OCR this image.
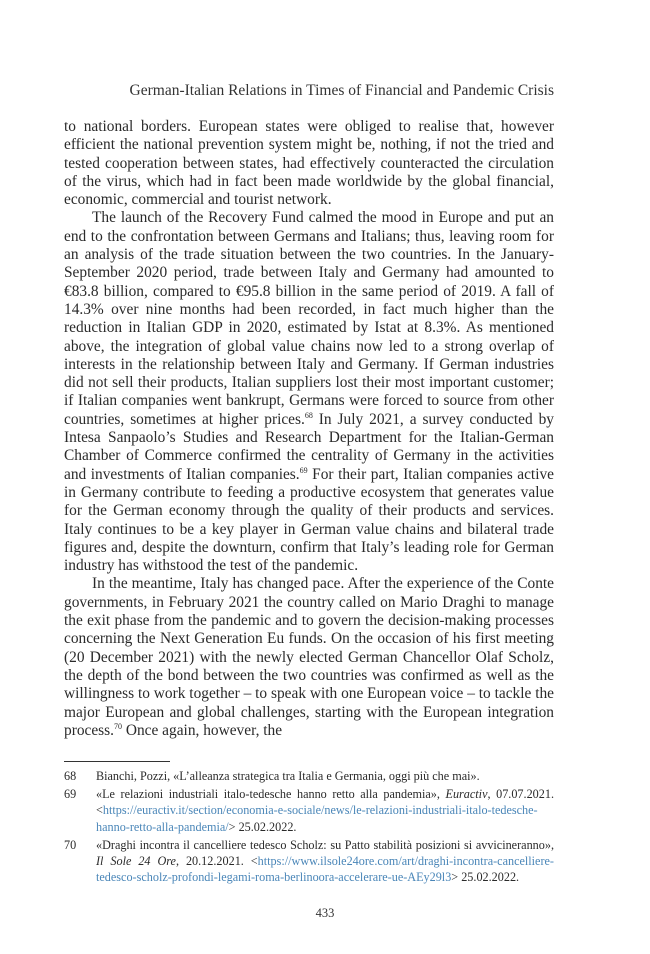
German-Italian Relations in Times of Financial and Pandemic Crisis

to national borders. European states were obliged to realise that, however efficient the national prevention system might be, nothing, if not the tried and tested cooperation between states, had effectively counteracted the circulation of the virus, which had in fact been made worldwide by the global financial, economic, commercial and tourist network.

The launch of the Recovery Fund calmed the mood in Europe and put an end to the confrontation between Germans and Italians; thus, leaving room for an analysis of the trade situation between the two countries. In the January-September 2020 period, trade between Italy and Germany had amounted to €83.8 billion, compared to €95.8 billion in the same period of 2019. A fall of 14.3% over nine months had been recorded, in fact much higher than the reduction in Italian GDP in 2020, estimated by Istat at 8.3%. As mentioned above, the integration of global value chains now led to a strong overlap of interests in the relationship between Italy and Germany. If German industries did not sell their products, Italian suppliers lost their most important customer; if Italian companies went bankrupt, Germans were forced to source from other countries, sometimes at higher prices.$^{68}$ In July 2021, a survey conducted by Intesa Sanpaolo’s Studies and Research Department for the Italian-German Chamber of Commerce confirmed the centrality of Germany in the activities and investments of Italian companies.$^{69}$ For their part, Italian companies active in Germany contribute to feeding a productive ecosystem that generates value for the German economy through the quality of their products and services. Italy continues to be a key player in German value chains and bilateral trade figures and, despite the downturn, confirm that Italy’s leading role for German industry has withstood the test of the pandemic.

In the meantime, Italy has changed pace. After the experience of the Conte governments, in February 2021 the country called on Mario Draghi to manage the exit phase from the pandemic and to govern the decision-making processes concerning the Next Generation Eu funds. On the occasion of his first meeting (20 December 2021) with the newly elected German Chancellor Olaf Scholz, the depth of the bond between the two countries was confirmed as well as the willingness to work together – to speak with one European voice – to tackle the major European and global challenges, starting with the European integration process.$^{70}$ Once again, however, the

68	Bianchi, Pozzi, «L’alleanza strategica tra Italia e Germania, oggi più che mai».
69	«Le relazioni industriali italo-tedesche hanno retto alla pandemia», Euractiv, 07.07.2021. <https://euractiv.it/section/economia-e-sociale/news/le-relazioni-industriali-italo-tedesche-hanno-retto-alla-pandemia/> 25.02.2022.
70	«Draghi incontra il cancelliere tedesco Scholz: su Patto stabilità posizioni si avvicineranno», Il Sole 24 Ore, 20.12.2021. <https://www.ilsole24ore.com/art/draghi-incontra-cancelliere-tedesco-scholz-profondi-legami-roma-berlinoora-accelerare-ue-AEy29l3> 25.02.2022.
433
